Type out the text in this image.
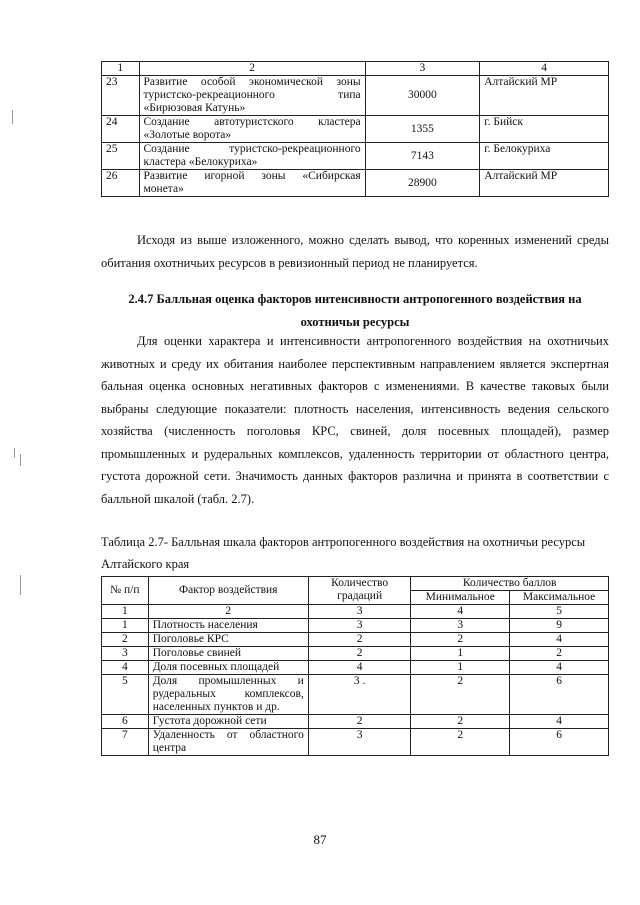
1	2	3	4
23	Развитие особой экономической зоны туристско-рекреационного типа «Бирюзовая Катунь»	30000	Алтайский МР
24	Создание автотуристского кластера «Золотые ворота»	1355	г. Бийск
25	Создание туристско-рекреационного кластера «Белокуриха»	7143	г. Белокуриха
26	Развитие игорной зоны «Сибирская монета»	28900	Алтайский МР
Исходя из выше изложенного, можно сделать вывод, что коренных изменений среды обитания охотничьих ресурсов в ревизионный период не планируется.
2.4.7 Балльная оценка факторов интенсивности антропогенного воздействия на охотничьи ресурсы
Для оценки характера и интенсивности антропогенного воздействия на охотничьих животных и среду их обитания наиболее перспективным направлением является экспертная бальная оценка основных негативных факторов с изменениями. В качестве таковых были выбраны следующие показатели: плотность населения, интенсивность ведения сельского хозяйства (численность поголовья КРС, свиней, доля посевных площадей), размер промышленных и рудеральных комплексов, удаленность территории от областного центра, густота дорожной сети. Значимость данных факторов различна и принята в соответствии с балльной шкалой (табл. 2.7).
Таблица 2.7- Балльная шкала факторов антропогенного воздействия на охотничьи ресурсы Алтайского края
№ п/п	Фактор воздействия	Количество градаций	Количество баллов	
			Минимальное	Максимальное
1	2	3	4	5
1	Плотность населения	3	3	9
2	Поголовье КРС	2	2	4
3	Поголовье свиней	2	1	2
4	Доля посевных площадей	4	1	4
5	Доля промышленных и рудеральных комплексов, населенных пунктов и др.	3 .	2	6
6	Густота дорожной сети	2	2	4
7	Удаленность от областного центра	3	2	6
87
